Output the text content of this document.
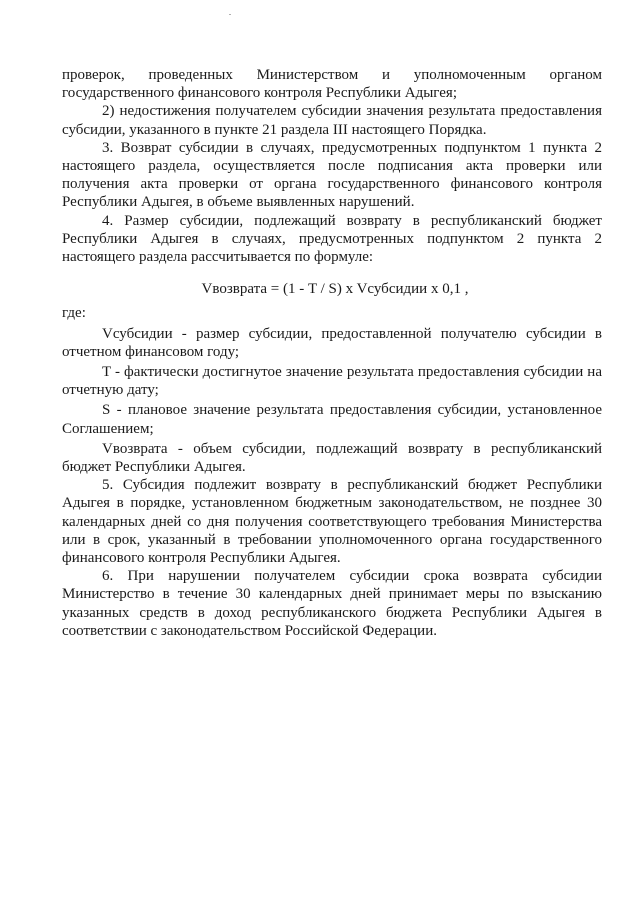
проверок, проведенных Министерством и уполномоченным органом государственного финансового контроля Республики Адыгея;

2) недостижения получателем субсидии значения результата предоставления субсидии, указанного в пункте 21 раздела III настоящего Порядка.

3. Возврат субсидии в случаях, предусмотренных подпунктом 1 пункта 2 настоящего раздела, осуществляется после подписания акта проверки или получения акта проверки от органа государственного финансового контроля Республики Адыгея, в объеме выявленных нарушений.

4. Размер субсидии, подлежащий возврату в республиканский бюджет Республики Адыгея в случаях, предусмотренных подпунктом 2 пункта 2 настоящего раздела рассчитывается по формуле:

Vвозврата = (1 - T / S) x Vсубсидии x 0,1 ,

где:

Vсубсидии - размер субсидии, предоставленной получателю субсидии в отчетном финансовом году;

T - фактически достигнутое значение результата предоставления субсидии на отчетную дату;

S - плановое значение результата предоставления субсидии, установленное Соглашением;

Vвозврата - объем субсидии, подлежащий возврату в республиканский бюджет Республики Адыгея.

5. Субсидия подлежит возврату в республиканский бюджет Республики Адыгея в порядке, установленном бюджетным законодательством, не позднее 30 календарных дней со дня получения соответствующего требования Министерства или в срок, указанный в требовании уполномоченного органа государственного финансового контроля Республики Адыгея.

6. При нарушении получателем субсидии срока возврата субсидии Министерство в течение 30 календарных дней принимает меры по взысканию указанных средств в доход республиканского бюджета Республики Адыгея в соответствии с законодательством Российской Федерации.
